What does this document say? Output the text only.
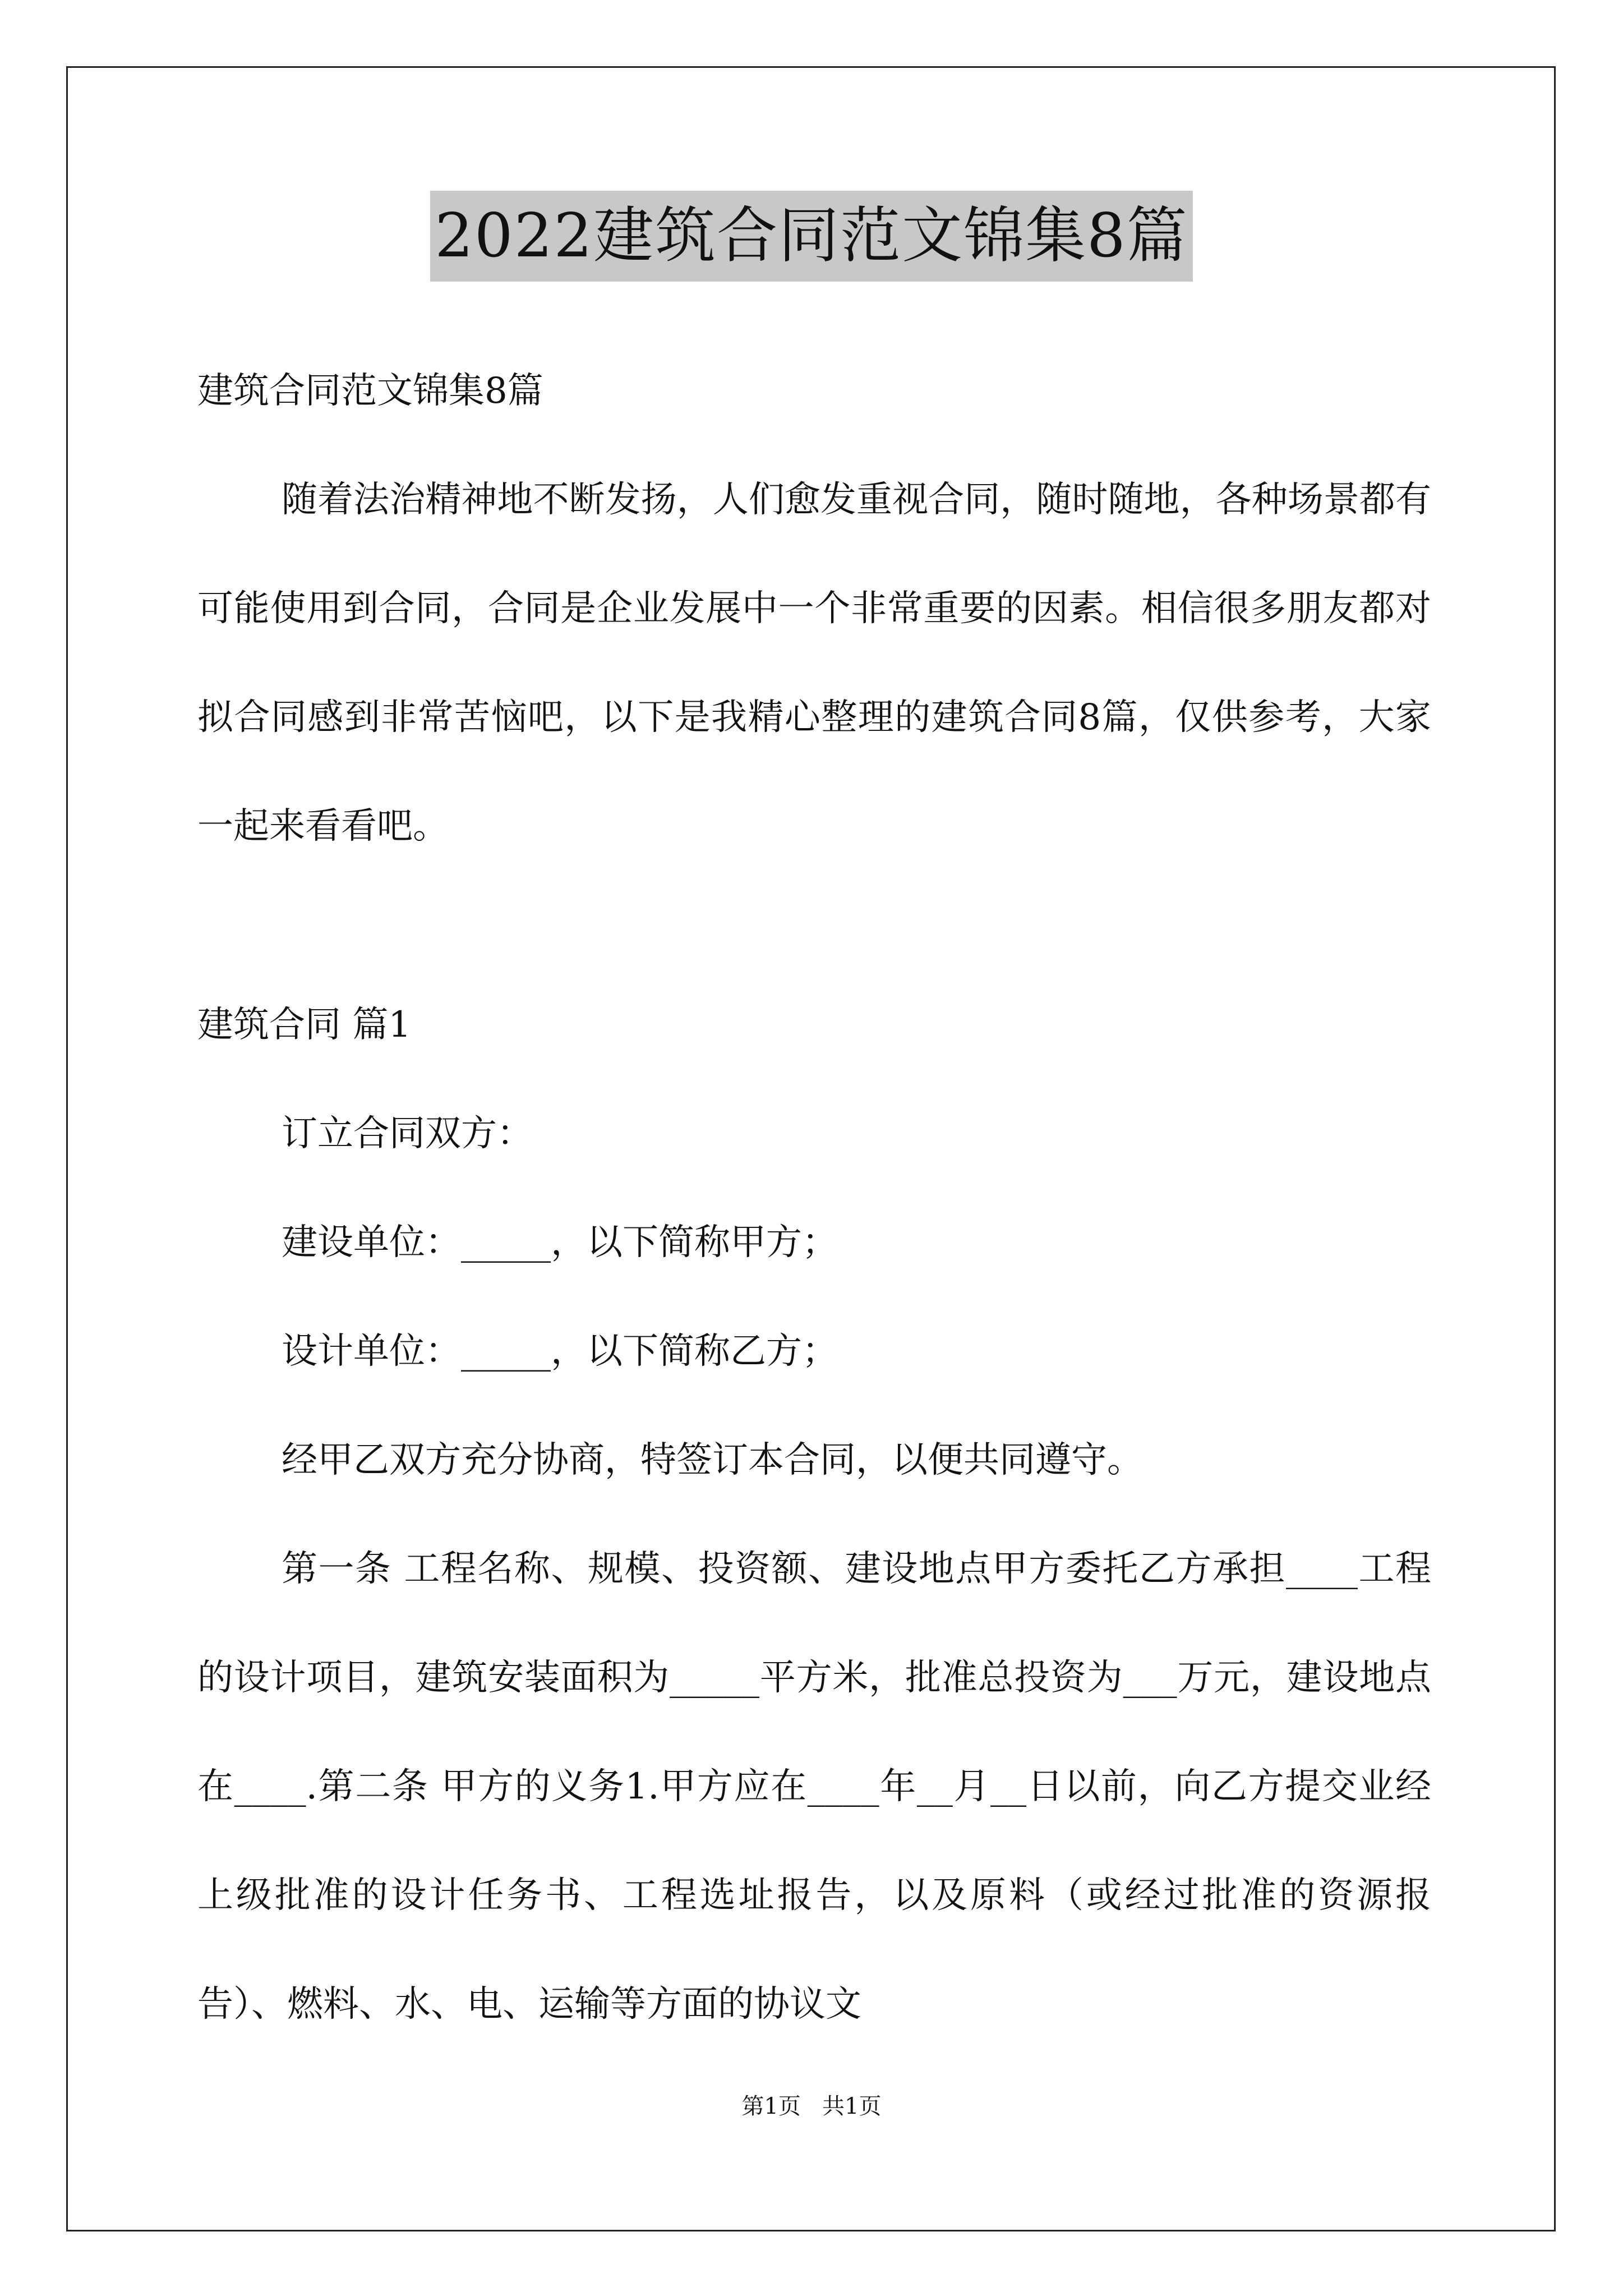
2022建筑合同范文锦集8篇

建筑合同范文锦集8篇

随着法治精神地不断发扬，人们愈发重视合同，随时随地，各种场景都有可能使用到合同，合同是企业发展中一个非常重要的因素。相信很多朋友都对拟合同感到非常苦恼吧，以下是我精心整理的建筑合同8篇，仅供参考，大家一起来看看吧。

建筑合同 篇1

订立合同双方：

建设单位：_____，以下简称甲方；

设计单位：_____，以下简称乙方；

经甲乙双方充分协商，特签订本合同，以便共同遵守。

第一条 工程名称、规模、投资额、建设地点甲方委托乙方承担____工程的设计项目，建筑安装面积为_____平方米，批准总投资为___万元，建设地点在____.第二条 甲方的义务1.甲方应在____年__月__日以前，向乙方提交业经上级批准的设计任务书、工程选址报告，以及原料（或经过批准的资源报告）、燃料、水、电、运输等方面的协议文

第1页   共1页
